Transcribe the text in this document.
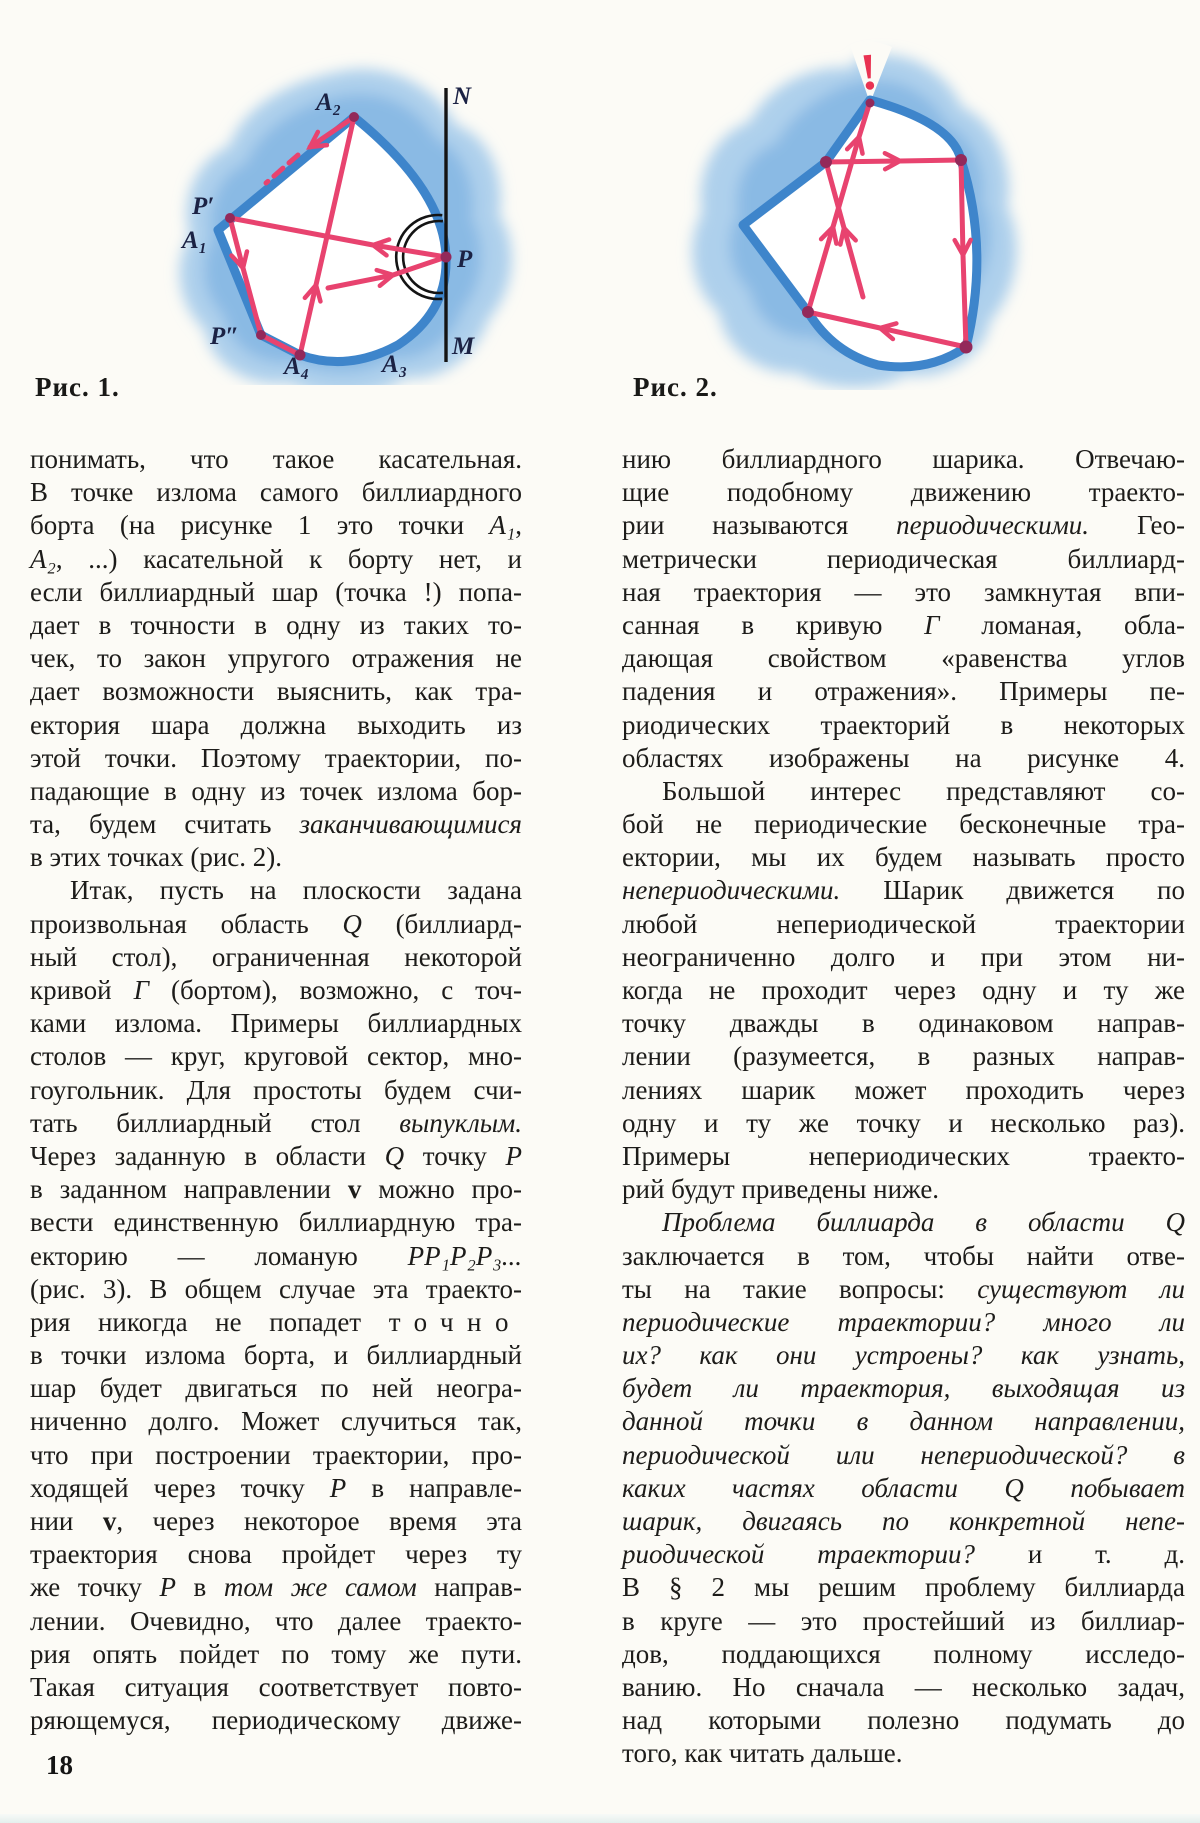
A₂	N
P′
A₁
P
P″
A₄	A₃
M
!
Рис. 1.	Рис. 2.
понимать, что такое касательная.
В точке излома самого биллиардного
борта (на рисунке 1 это точки A₁,
A₂, ...) касательной к борту нет, и
если биллиардный шар (точка !) попа-
дает в точности в одну из таких то-
чек, то закон упругого отражения не
дает возможности выяснить, как тра-
ектория шара должна выходить из
этой точки. Поэтому траектории, по-
падающие в одну из точек излома бор-
та, будем считать заканчивающимися
в этих точках (рис. 2).
Итак, пусть на плоскости задана
произвольная область Q (биллиард-
ный стол), ограниченная некоторой
кривой Γ (бортом), возможно, с точ-
ками излома. Примеры биллиардных
столов — круг, круговой сектор, мно-
гоугольник. Для простоты будем счи-
тать биллиардный стол выпуклым.
Через заданную в области Q точку P
в заданном направлении v можно про-
вести единственную биллиардную тра-
екторию — ломаную PP₁P₂P₃...
(рис. 3). В общем случае эта траекто-
рия никогда не попадет точно
в точки излома борта, и биллиардный
шар будет двигаться по ней неогра-
ниченно долго. Может случиться так,
что при построении траектории, про-
ходящей через точку P в направле-
нии v, через некоторое время эта
траектория снова пройдет через ту
же точку P в том же самом направ-
лении. Очевидно, что далее траекто-
рия опять пойдет по тому же пути.
Такая ситуация соответствует повто-
ряющемуся, периодическому движе-
нию биллиардного шарика. Отвечаю-
щие подобному движению траекто-
рии называются периодическими. Гео-
метрически периодическая биллиард-
ная траектория — это замкнутая впи-
санная в кривую Γ ломаная, обла-
дающая свойством «равенства углов
падения и отражения». Примеры пе-
риодических траекторий в некоторых
областях изображены на рисунке 4.
Большой интерес представляют со-
бой не периодические бесконечные тра-
ектории, мы их будем называть просто
непериодическими. Шарик движется по
любой непериодической траектории
неограниченно долго и при этом ни-
когда не проходит через одну и ту же
точку дважды в одинаковом направ-
лении (разумеется, в разных направ-
лениях шарик может проходить через
одну и ту же точку и несколько раз).
Примеры непериодических траекто-
рий будут приведены ниже.
Проблема биллиарда в области Q
заключается в том, чтобы найти отве-
ты на такие вопросы: существуют ли
периодические траектории? много ли
их? как они устроены? как узнать,
будет ли траектория, выходящая из
данной точки в данном направлении,
периодической или непериодической? в
каких частях области Q побывает
шарик, двигаясь по конкретной непе-
риодической траектории? и т. д.
В § 2 мы решим проблему биллиарда
в круге — это простейший из биллиар-
дов, поддающихся полному исследо-
ванию. Но сначала — несколько задач,
над которыми полезно подумать до
того, как читать дальше.
18
